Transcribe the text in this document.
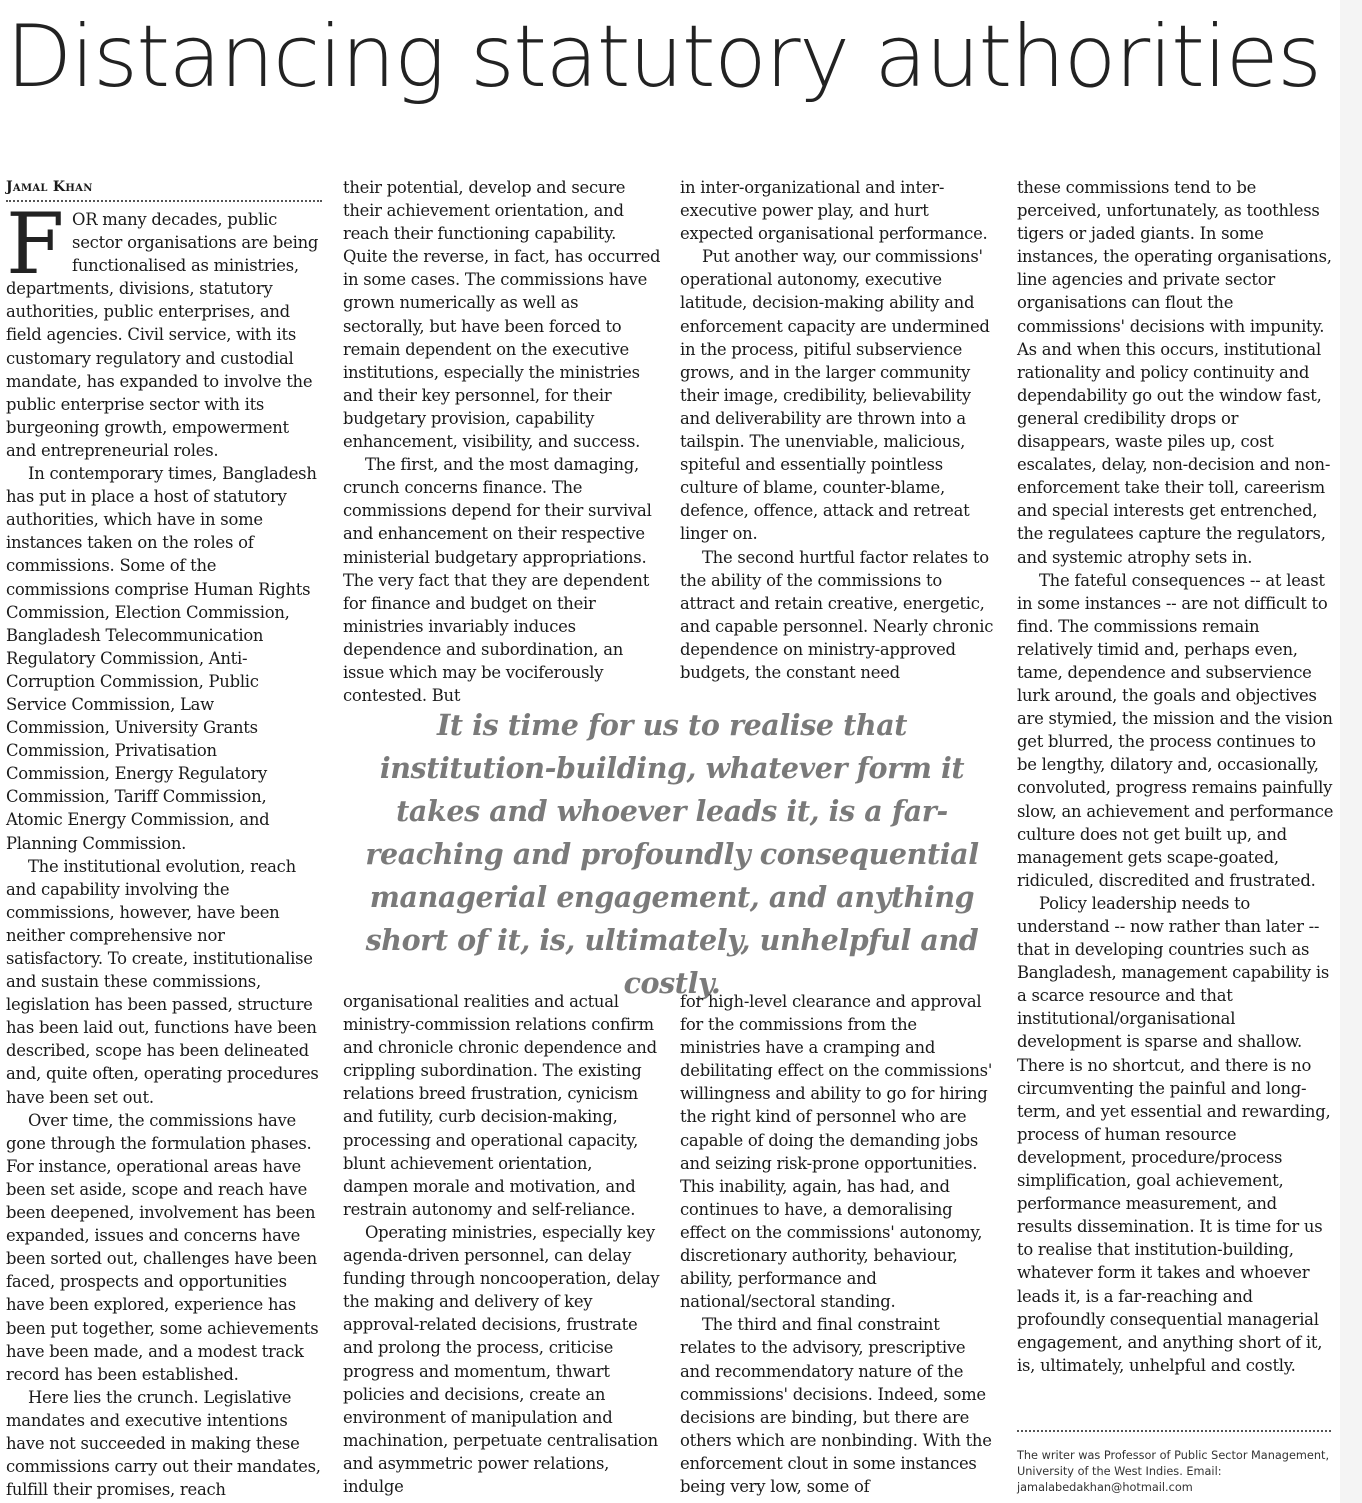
Distancing statutory authorities
Jamal Khan

FOR many decades, public sector organisations are being functionalised as ministries, departments, divisions, statutory authorities, public enterprises, and field agencies. Civil service, with its customary regulatory and custodial mandate, has expanded to involve the public enterprise sector with its burgeoning growth, empowerment and entrepreneurial roles.

In contemporary times, Bangladesh has put in place a host of statutory authorities, which have in some instances taken on the roles of commissions. Some of the commissions comprise Human Rights Commission, Election Commission, Bangladesh Telecommunication Regulatory Commission, Anti-Corruption Commission, Public Service Commission, Law Commission, University Grants Commission, Privatisation Commission, Energy Regulatory Commission, Tariff Commission, Atomic Energy Commission, and Planning Commission.

The institutional evolution, reach and capability involving the commissions, however, have been neither comprehensive nor satisfactory. To create, institutionalise and sustain these commissions, legislation has been passed, structure has been laid out, functions have been described, scope has been delineated and, quite often, operating procedures have been set out.

Over time, the commissions have gone through the formulation phases. For instance, operational areas have been set aside, scope and reach have been deepened, involvement has been expanded, issues and concerns have been sorted out, challenges have been faced, prospects and opportunities have been explored, experience has been put together, some achievements have been made, and a modest track record has been established.

Here lies the crunch. Legislative mandates and executive intentions have not succeeded in making these commissions carry out their mandates, fulfill their promises, reach

their potential, develop and secure their achievement orientation, and reach their functioning capability. Quite the reverse, in fact, has occurred in some cases. The commissions have grown numerically as well as sectorally, but have been forced to remain dependent on the executive institutions, especially the ministries and their key personnel, for their budgetary provision, capability enhancement, visibility, and success.

The first, and the most damaging, crunch concerns finance. The commissions depend for their survival and enhancement on their respective ministerial budgetary appropriations. The very fact that they are dependent for finance and budget on their ministries invariably induces dependence and subordination, an issue which may be vociferously contested. But

in inter-organizational and inter-executive power play, and hurt expected organisational performance.

Put another way, our commissions' operational autonomy, executive latitude, decision-making ability and enforcement capacity are undermined in the process, pitiful subservience grows, and in the larger community their image, credibility, believability and deliverability are thrown into a tailspin. The unenviable, malicious, spiteful and essentially pointless culture of blame, counter-blame, defence, offence, attack and retreat linger on.

The second hurtful factor relates to the ability of the commissions to attract and retain creative, energetic, and capable personnel. Nearly chronic dependence on ministry-approved budgets, the constant need

It is time for us to realise that institution-building, whatever form it takes and whoever leads it, is a far-reaching and profoundly consequential managerial engagement, and anything short of it, is, ultimately, unhelpful and costly.

organisational realities and actual ministry-commission relations confirm and chronicle chronic dependence and crippling subordination. The existing relations breed frustration, cynicism and futility, curb decision-making, processing and operational capacity, blunt achievement orientation, dampen morale and motivation, and restrain autonomy and self-reliance.

Operating ministries, especially key agenda-driven personnel, can delay funding through noncooperation, delay the making and delivery of key approval-related decisions, frustrate and prolong the process, criticise progress and momentum, thwart policies and decisions, create an environment of manipulation and machination, perpetuate centralisation and asymmetric power relations, indulge

for high-level clearance and approval for the commissions from the ministries have a cramping and debilitating effect on the commissions' willingness and ability to go for hiring the right kind of personnel who are capable of doing the demanding jobs and seizing risk-prone opportunities. This inability, again, has had, and continues to have, a demoralising effect on the commissions' autonomy, discretionary authority, behaviour, ability, performance and national/sectoral standing.

The third and final constraint relates to the advisory, prescriptive and recommendatory nature of the commissions' decisions. Indeed, some decisions are binding, but there are others which are nonbinding. With the enforcement clout in some instances being very low, some of

these commissions tend to be perceived, unfortunately, as toothless tigers or jaded giants. In some instances, the operating organisations, line agencies and private sector organisations can flout the commissions' decisions with impunity. As and when this occurs, institutional rationality and policy continuity and dependability go out the window fast, general credibility drops or disappears, waste piles up, cost escalates, delay, non-decision and non-enforcement take their toll, careerism and special interests get entrenched, the regulatees capture the regulators, and systemic atrophy sets in.

The fateful consequences -- at least in some instances -- are not difficult to find. The commissions remain relatively timid and, perhaps even, tame, dependence and subservience lurk around, the goals and objectives are stymied, the mission and the vision get blurred, the process continues to be lengthy, dilatory and, occasionally, convoluted, progress remains painfully slow, an achievement and performance culture does not get built up, and management gets scape-goated, ridiculed, discredited and frustrated.

Policy leadership needs to understand -- now rather than later -- that in developing countries such as Bangladesh, management capability is a scarce resource and that institutional/organisational development is sparse and shallow. There is no shortcut, and there is no circumventing the painful and long-term, and yet essential and rewarding, process of human resource development, procedure/process simplification, goal achievement, performance measurement, and results dissemination. It is time for us to realise that institution-building, whatever form it takes and whoever leads it, is a far-reaching and profoundly consequential managerial engagement, and anything short of it, is, ultimately, unhelpful and costly.

The writer was Professor of Public Sector Management, University of the West Indies. Email: jamalabedakhan@hotmail.com
